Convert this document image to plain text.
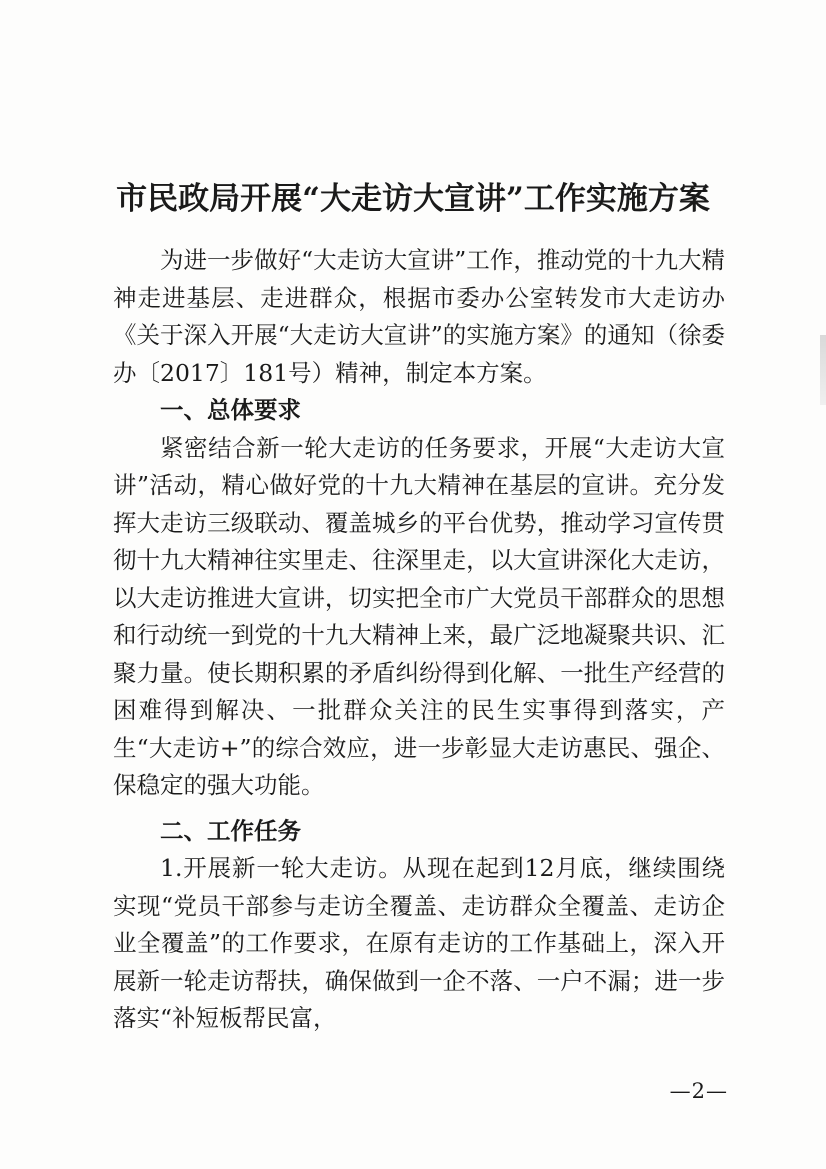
市民政局开展“大走访大宣讲”工作实施方案

为进一步做好“大走访大宣讲”工作，推动党的十九大精神走进基层、走进群众，根据市委办公室转发市大走访办《关于深入开展“大走访大宣讲”的实施方案》的通知（徐委办〔2017〕181号）精神，制定本方案。

一、总体要求

紧密结合新一轮大走访的任务要求，开展“大走访大宣讲”活动，精心做好党的十九大精神在基层的宣讲。充分发挥大走访三级联动、覆盖城乡的平台优势，推动学习宣传贯彻十九大精神往实里走、往深里走，以大宣讲深化大走访，以大走访推进大宣讲，切实把全市广大党员干部群众的思想和行动统一到党的十九大精神上来，最广泛地凝聚共识、汇聚力量。使长期积累的矛盾纠纷得到化解、一批生产经营的困难得到解决、一批群众关注的民生实事得到落实，产生“大走访+”的综合效应，进一步彰显大走访惠民、强企、保稳定的强大功能。

二、工作任务

1.开展新一轮大走访。从现在起到12月底，继续围绕实现“党员干部参与走访全覆盖、走访群众全覆盖、走访企业全覆盖”的工作要求，在原有走访的工作基础上，深入开展新一轮走访帮扶，确保做到一企不落、一户不漏；进一步落实“补短板帮民富，

—2—
